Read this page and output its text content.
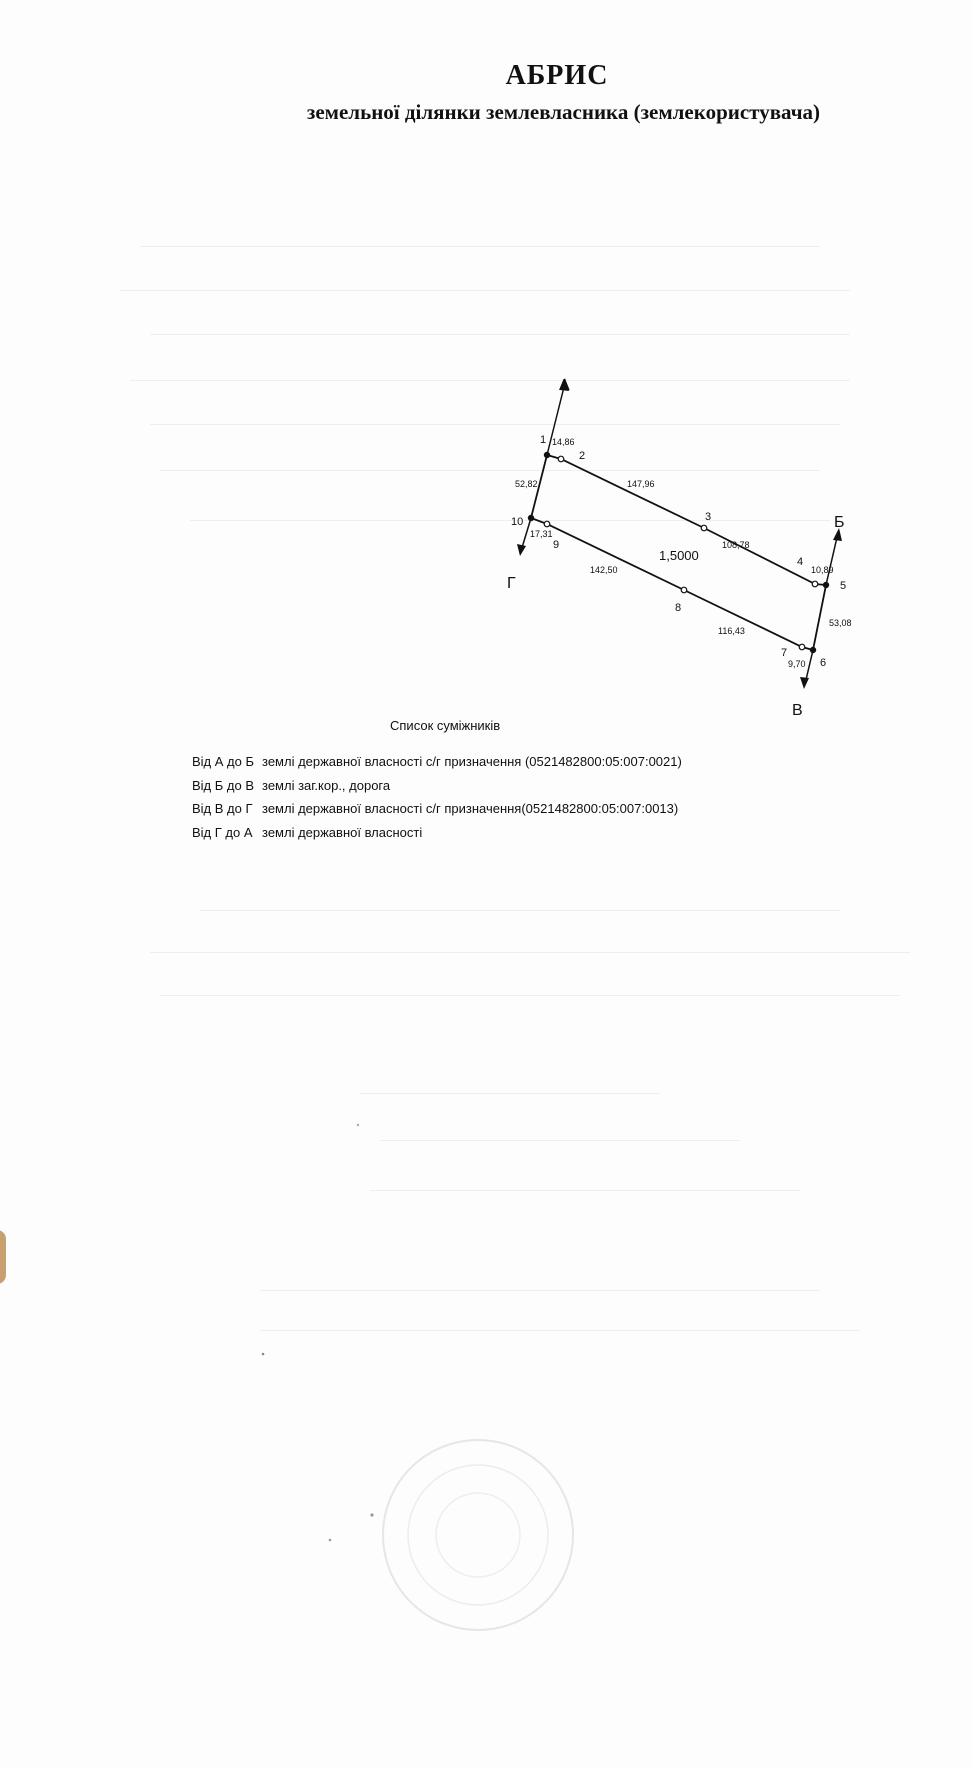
АБРИС
земельної ділянки землевласника (землекористувача)
А
Б
В
Г
1
2
3
4
5
6
7
8
9
10
14,86
147,96
108,78
10,89
53,08
9,70
116,43
142,50
17,31
52,82
1,5000
Список суміжників
Від А до Б землі державної власності с/г призначення (0521482800:05:007:0021)
Від Б до В землі заг.кор., дорога
Від В до Г землі державної власності с/г призначення(0521482800:05:007:0013)
Від Г до А землі державної власності
